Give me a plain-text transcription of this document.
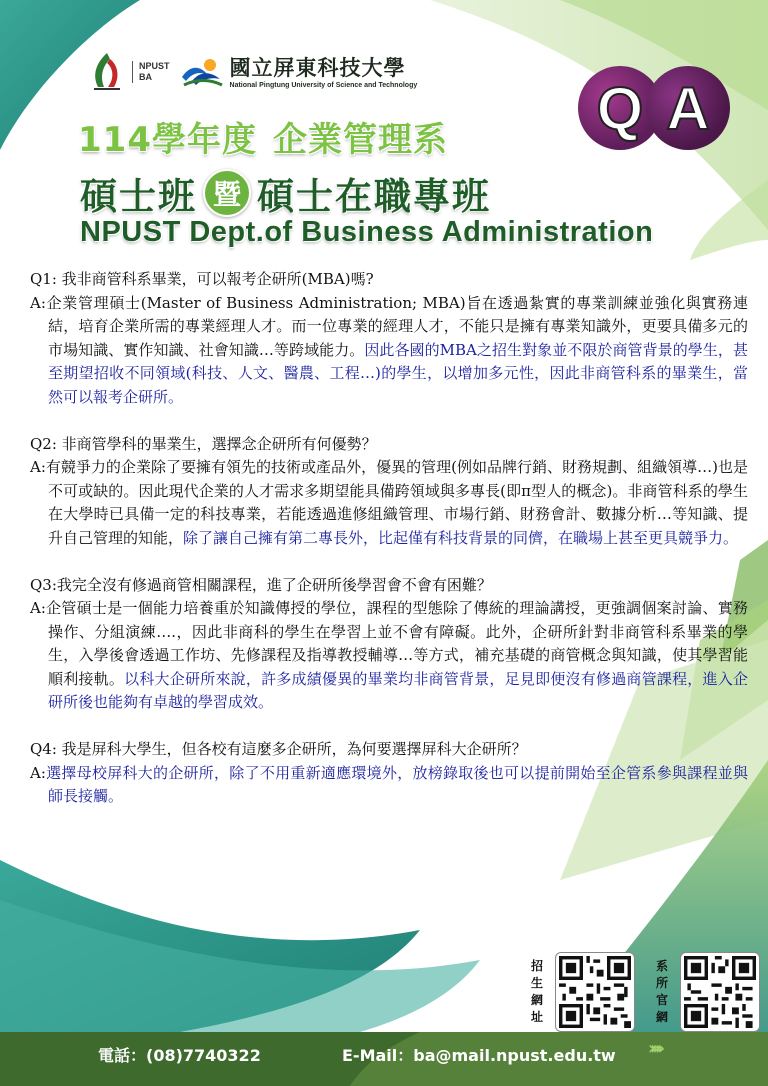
NPUST
BA	國立屏東科技大學
National Pingtung University of Science and Technology	Q A
114學年度 企業管理系
碩士班 暨 碩士在職專班
NPUST Dept.of Business Administration
Q1: 我非商管科系畢業，可以報考企研所(MBA)嗎?
A:企業管理碩士(Master of Business Administration; MBA)旨在透過紮實的專業訓練並強化與實務連結，培育企業所需的專業經理人才。而一位專業的經理人才，不能只是擁有專業知識外，更要具備多元的市場知識、實作知識、社會知識…等跨域能力。因此各國的MBA之招生對象並不限於商管背景的學生，甚至期望招收不同領域(科技、人文、醫農、工程…)的學生，以增加多元性，因此非商管科系的畢業生，當然可以報考企研所。
Q2: 非商管學科的畢業生，選擇念企研所有何優勢？
A:有競爭力的企業除了要擁有領先的技術或產品外，優異的管理(例如品牌行銷、財務規劃、組織領導…)也是不可或缺的。因此現代企業的人才需求多期望能具備跨領域與多專長(即π型人的概念)。非商管科系的學生在大學時已具備一定的科技專業，若能透過進修組織管理、市場行銷、財務會計、數據分析…等知識、提升自己管理的知能，除了讓自己擁有第二專長外，比起僅有科技背景的同儕，在職場上甚至更具競爭力。
Q3:我完全沒有修過商管相關課程，進了企研所後學習會不會有困難？
A:企管碩士是一個能力培養重於知識傳授的學位，課程的型態除了傳統的理論講授，更強調個案討論、實務操作、分組演練….，因此非商科的學生在學習上並不會有障礙。此外，企研所針對非商管科系畢業的學生，入學後會透過工作坊、先修課程及指導教授輔導…等方式，補充基礎的商管概念與知識，使其學習能順利接軌。以科大企研所來說，許多成績優異的畢業均非商管背景，足見即便沒有修過商管課程，進入企研所後也能夠有卓越的學習成效。
Q4: 我是屏科大學生，但各校有這麼多企研所，為何要選擇屏科大企研所？
A:選擇母校屏科大的企研所，除了不用重新適應環境外，放榜錄取後也可以提前開始至企管系參與課程並與師長接觸。
招生網址
系所官網
電話：(08)7740322	E-Mail：ba@mail.npust.edu.tw ›››››
